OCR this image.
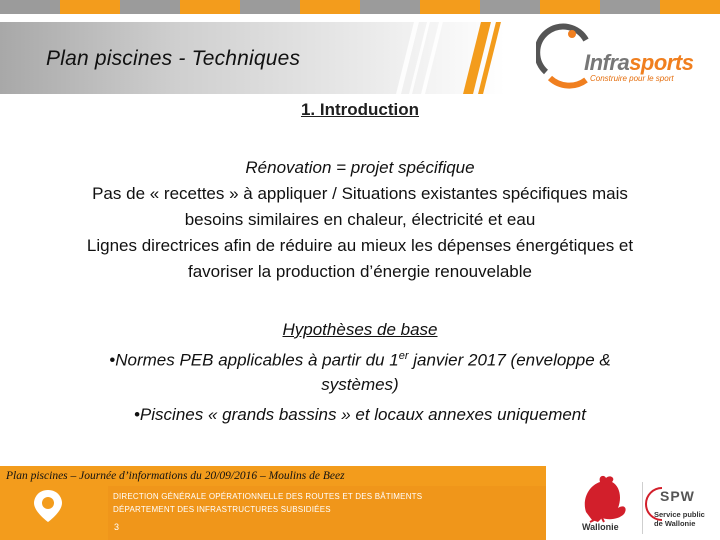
Plan piscines - Techniques	Infrasports
Construire pour le sport
1. Introduction
Rénovation = projet spécifique
Pas de « recettes » à appliquer / Situations existantes spécifiques mais
besoins similaires en chaleur, électricité et eau
Lignes directrices afin de réduire au mieux les dépenses énergétiques et
favoriser la production d’énergie renouvelable
Hypothèses de base
•Normes PEB applicables à partir du 1er janvier 2017 (enveloppe &
systèmes)
•Piscines « grands bassins » et locaux annexes uniquement
Plan piscines – Journée d’informations du 20/09/2016 – Moulins de Beez
DIRECTION GÉNÉRALE OPÉRATIONNELLE DES ROUTES ET DES BÂTIMENTS
DÉPARTEMENT DES INFRASTRUCTURES SUBSIDIÉES
3	Wallonie
SPW
Service public
de Wallonie
